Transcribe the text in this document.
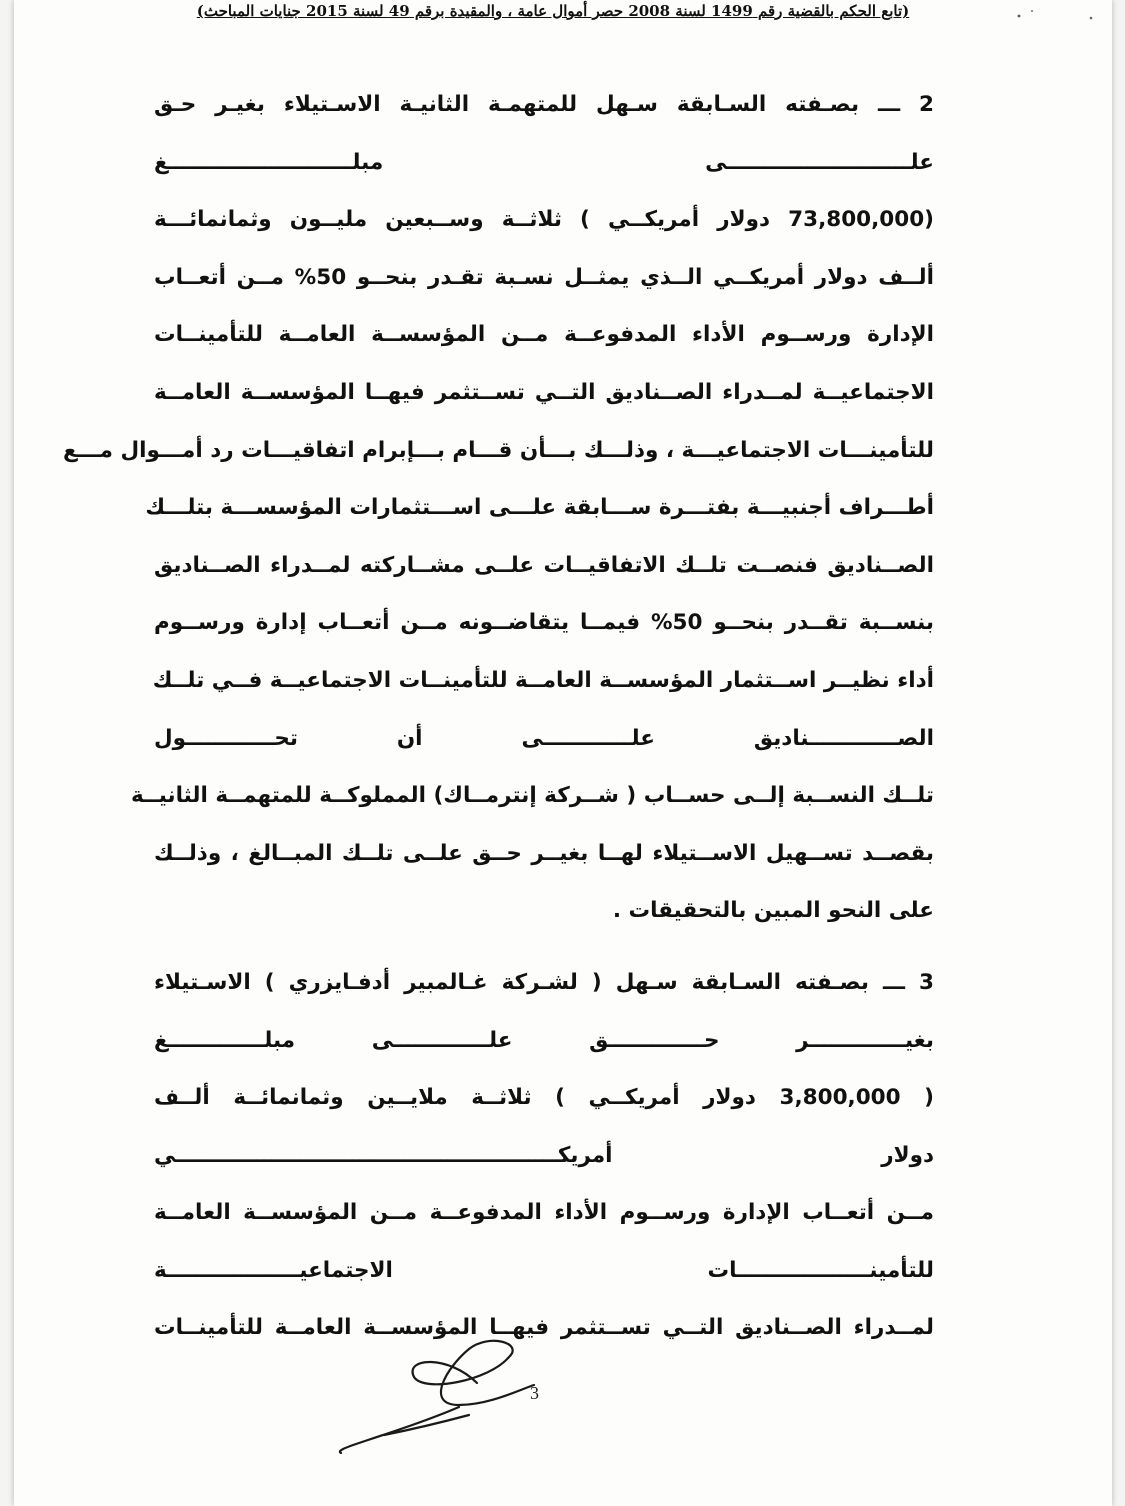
(تابع الحكم بالقضية رقم 1499 لسنة 2008 حصر أموال عامة ، والمقيدة برقم 49 لسنة 2015 جنايات المباحث)
2 ـــ بصـفته السـابقة سـهل للمتهمـة الثانيـة الاسـتيلاء بغيـر حـق
علـــــــــــــــــــــــــى مبلـــــــــــــــــــــــــغ
(73,800,000 دولار أمريكــي ) ثلاثــة وســبعين مليــون وثمانمائـــة
ألــف دولار أمريكــي الــذي يمثــل نسـبة تقـدر بنحــو 50% مــن أتعــاب
الإدارة ورســوم الأداء المدفوعــة مــن المؤسســة العامــة للتأمينــات
الاجتماعيــة لمــدراء الصــناديق التــي تســتثمر فيهــا المؤسســة العامــة
للتأمينـــات الاجتماعيـــة ، وذلـــك بـــأن قـــام بـــإبرام اتفاقيـــات رد أمـــوال مـــع
أطـــراف أجنبيـــة بفتـــرة ســـابقة علـــى اســـتثمارات المؤسســـة بتلـــك
الصــناديق فنصــت تلــك الاتفاقيــات علــى مشــاركته لمــدراء الصــناديق
بنســبة تقــدر بنحــو 50% فيمــا يتقاضــونه مــن أتعــاب إدارة ورســوم
أداء نظيــر اســتثمار المؤسســة العامــة للتأمينــات الاجتماعيــة فــي تلــك
الصــــــــــــناديق علــــــــــــى أن تحــــــــــــول
تلــك النســبة إلــى حســاب ( شــركة إنترمــاك) المملوكــة للمتهمــة الثانيــة
بقصــد تســهيل الاســتيلاء لهــا بغيــر حــق علــى تلــك المبــالغ ، وذلــك
على النحو المبين بالتحقيقات .
3 ـــ بصـفته السـابقة سـهل ( لشـركة غـالمبير أدفـايزري ) الاسـتيلاء
بغيـــــــــــــر حـــــــــــــق علـــــــــــــى مبلـــــــــــــغ
( 3,800,000 دولار أمريكــي ) ثلاثــة ملايــين وثمانمائــة ألــف
دولار أمريكــــــــــــــــــــــــــــــــــــــــــــــــــــي
مــن أتعــاب الإدارة ورســوم الأداء المدفوعــة مــن المؤسســة العامــة
للتأمينــــــــــــــــــات الاجتماعيــــــــــــــــــة
لمــدراء الصــناديق التــي تســتثمر فيهــا المؤسســة العامــة للتأمينــات
3
